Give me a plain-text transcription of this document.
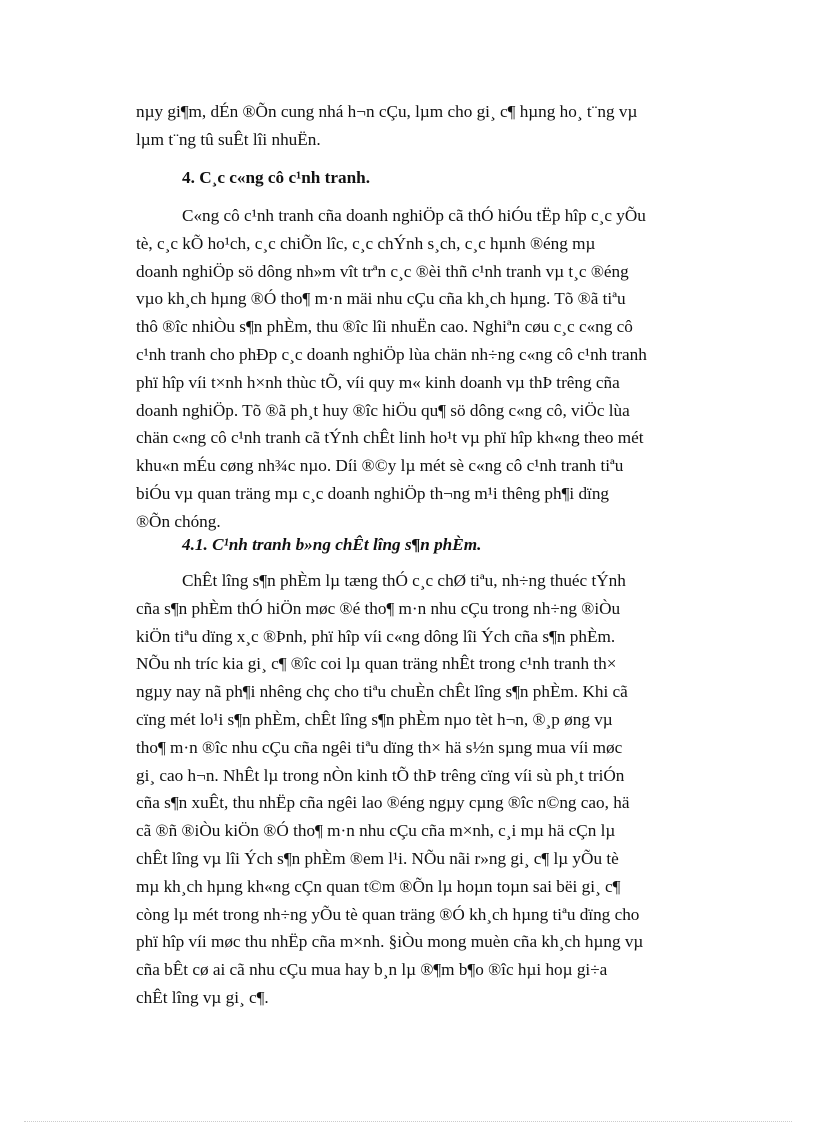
nµy gi¶m, dÉn ®Õn cung nhá h¬n cÇu, lµm cho gi¸ c¶ hµng ho¸ t¨ng vµ
lµm t¨ng tû suÊt lîi nhuËn.
4. C¸c c«ng cô c¹nh tranh.
C«ng cô c¹nh tranh cña doanh nghiÖp cã thÓ hiÓu tËp hîp c¸c yÕu
tè, c¸c kÕ ho¹ch, c¸c chiÕn lîc, c¸c chÝnh s¸ch, c¸c hµnh ®éng mµ
doanh nghiÖp sö dông nh»m vît trªn c¸c ®èi thñ c¹nh tranh vµ t¸c ®éng
vµo kh¸ch hµng ®Ó tho¶ m·n mäi nhu cÇu cña kh¸ch hµng. Tõ ®ã tiªu
thô ®îc nhiÒu s¶n phÈm, thu ®îc lîi nhuËn cao. Nghiªn cøu c¸c c«ng cô
c¹nh tranh cho phÐp c¸c doanh nghiÖp lùa chän nh÷ng c«ng cô c¹nh tranh
phï hîp víi t×nh h×nh thùc tÕ, víi quy m« kinh doanh vµ thÞ trêng cña
doanh nghiÖp. Tõ ®ã ph¸t huy ®îc hiÖu qu¶ sö dông c«ng cô, viÖc lùa
chän c«ng cô c¹nh tranh cã tÝnh chÊt linh ho¹t vµ phï hîp kh«ng theo mét
khu«n mÉu cøng nh¾c nµo. Díi ®©y lµ mét sè c«ng cô c¹nh tranh tiªu
biÓu vµ quan träng mµ c¸c doanh nghiÖp th¬ng m¹i thêng ph¶i dïng
®Õn chóng.
4.1. C¹nh tranh b»ng chÊt lîng s¶n phÈm.
ChÊt lîng s¶n phÈm lµ tæng thÓ c¸c chØ tiªu, nh÷ng thuéc tÝnh
cña s¶n phÈm thÓ hiÖn møc ®é tho¶ m·n nhu cÇu trong nh÷ng ®iÒu
kiÖn tiªu dïng x¸c ®Þnh, phï hîp víi c«ng dông lîi Ých cña s¶n phÈm.
NÕu nh tríc kia gi¸ c¶ ®îc coi lµ quan träng nhÊt trong c¹nh tranh th×
ngµy nay nã ph¶i nhêng chç cho tiªu chuÈn chÊt lîng s¶n phÈm. Khi cã
cïng mét lo¹i s¶n phÈm, chÊt lîng s¶n phÈm nµo tèt h¬n, ®¸p øng vµ
tho¶ m·n ®îc nhu cÇu cña ngêi tiªu dïng th× hä s½n sµng mua víi møc
gi¸ cao h¬n. NhÊt lµ trong nÒn kinh tÕ thÞ trêng cïng víi sù ph¸t triÓn
cña s¶n xuÊt, thu nhËp cña ngêi lao ®éng ngµy cµng ®îc n©ng cao, hä
cã ®ñ ®iÒu kiÖn ®Ó tho¶ m·n nhu cÇu cña m×nh, c¸i mµ hä cÇn lµ
chÊt lîng vµ lîi Ých s¶n phÈm ®em l¹i. NÕu nãi r»ng gi¸ c¶ lµ yÕu tè
mµ kh¸ch hµng kh«ng cÇn quan t©m ®Õn lµ hoµn toµn sai bëi gi¸ c¶
còng lµ mét trong nh÷ng yÕu tè quan träng ®Ó kh¸ch hµng tiªu dïng cho
phï hîp víi møc thu nhËp cña m×nh. §iÒu mong muèn cña kh¸ch hµng vµ
cña bÊt cø ai cã nhu cÇu mua hay b¸n lµ ®¶m b¶o ®îc hµi hoµ gi÷a
chÊt lîng vµ gi¸ c¶.
